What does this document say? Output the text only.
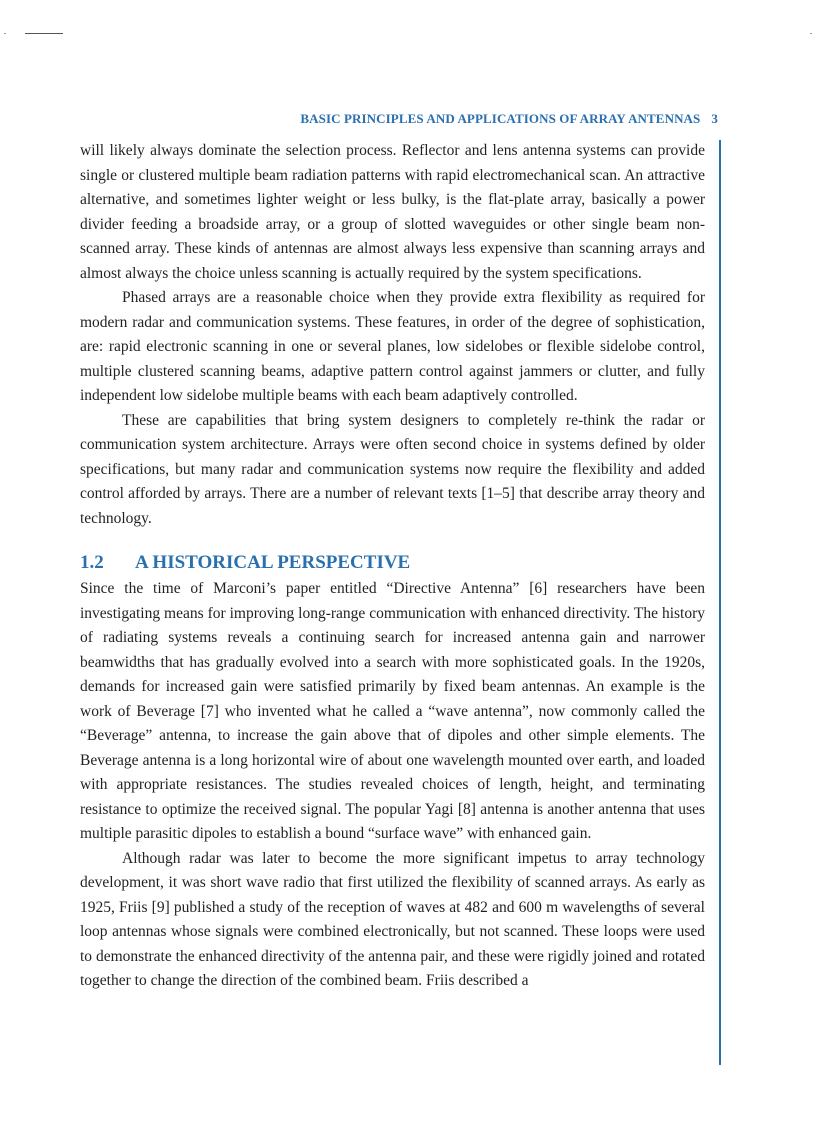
BASIC PRINCIPLES AND APPLICATIONS OF ARRAY ANTENNAS 3

will likely always dominate the selection process. Reflector and lens antenna systems can provide single or clustered multiple beam radiation patterns with rapid electromechanical scan. An attractive alternative, and sometimes lighter weight or less bulky, is the flat-plate array, basically a power divider feeding a broadside array, or a group of slotted waveguides or other single beam non-scanned array. These kinds of antennas are almost always less expensive than scanning arrays and almost always the choice unless scanning is actually required by the system specifications.

Phased arrays are a reasonable choice when they provide extra flexibility as required for modern radar and communication systems. These features, in order of the degree of sophistication, are: rapid electronic scanning in one or several planes, low sidelobes or flexible sidelobe control, multiple clustered scanning beams, adaptive pattern control against jammers or clutter, and fully independent low sidelobe multiple beams with each beam adaptively controlled.

These are capabilities that bring system designers to completely re-think the radar or communication system architecture. Arrays were often second choice in systems defined by older specifications, but many radar and communication systems now require the flexibility and added control afforded by arrays. There are a number of relevant texts [1–5] that describe array theory and technology.

1.2 A HISTORICAL PERSPECTIVE

Since the time of Marconi’s paper entitled “Directive Antenna” [6] researchers have been investigating means for improving long-range communication with enhanced directivity. The history of radiating systems reveals a continuing search for increased antenna gain and narrower beamwidths that has gradually evolved into a search with more sophisticated goals. In the 1920s, demands for increased gain were satisfied primarily by fixed beam antennas. An example is the work of Beverage [7] who invented what he called a “wave antenna”, now commonly called the “Beverage” antenna, to increase the gain above that of dipoles and other simple elements. The Beverage antenna is a long horizontal wire of about one wavelength mounted over earth, and loaded with appropriate resistances. The studies revealed choices of length, height, and terminating resistance to optimize the received signal. The popular Yagi [8] antenna is another antenna that uses multiple parasitic dipoles to establish a bound “surface wave” with enhanced gain.

Although radar was later to become the more significant impetus to array technology development, it was short wave radio that first utilized the flexibility of scanned arrays. As early as 1925, Friis [9] published a study of the reception of waves at 482 and 600 m wavelengths of several loop antennas whose signals were combined electronically, but not scanned. These loops were used to demonstrate the enhanced directivity of the antenna pair, and these were rigidly joined and rotated together to change the direction of the combined beam. Friis described a
